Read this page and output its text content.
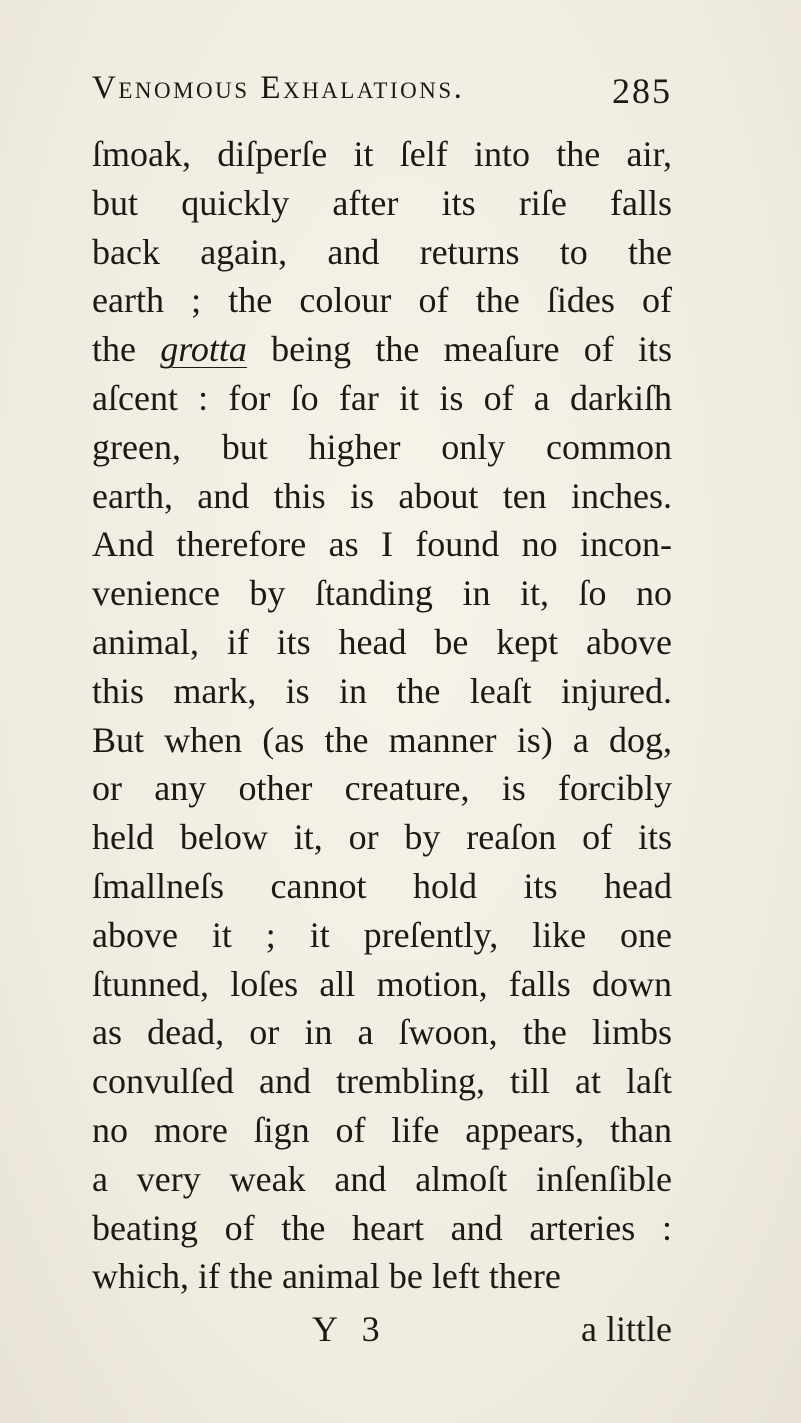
Venomous Exhalations.	285
ſmoak, diſperſe it ſelf into the air,
but quickly after its riſe falls
back again, and returns to the
earth ; the colour of the ſides of
the grotta being the meaſure of its
aſcent : for ſo far it is of a darkiſh
green, but higher only common
earth, and this is about ten inches.
And therefore as I found no incon-
venience by ſtanding in it, ſo no
animal, if its head be kept above
this mark, is in the leaſt injured.
But when (as the manner is) a dog,
or any other creature, is forcibly
held below it, or by reaſon of its
ſmallneſs cannot hold its head
above it ; it preſently, like one
ſtunned, loſes all motion, falls down
as dead, or in a ſwoon, the limbs
convulſed and trembling, till at laſt
no more ſign of life appears, than
a very weak and almoſt inſenſible
beating of the heart and arteries :
which, if the animal be left there
Y 3	a little
